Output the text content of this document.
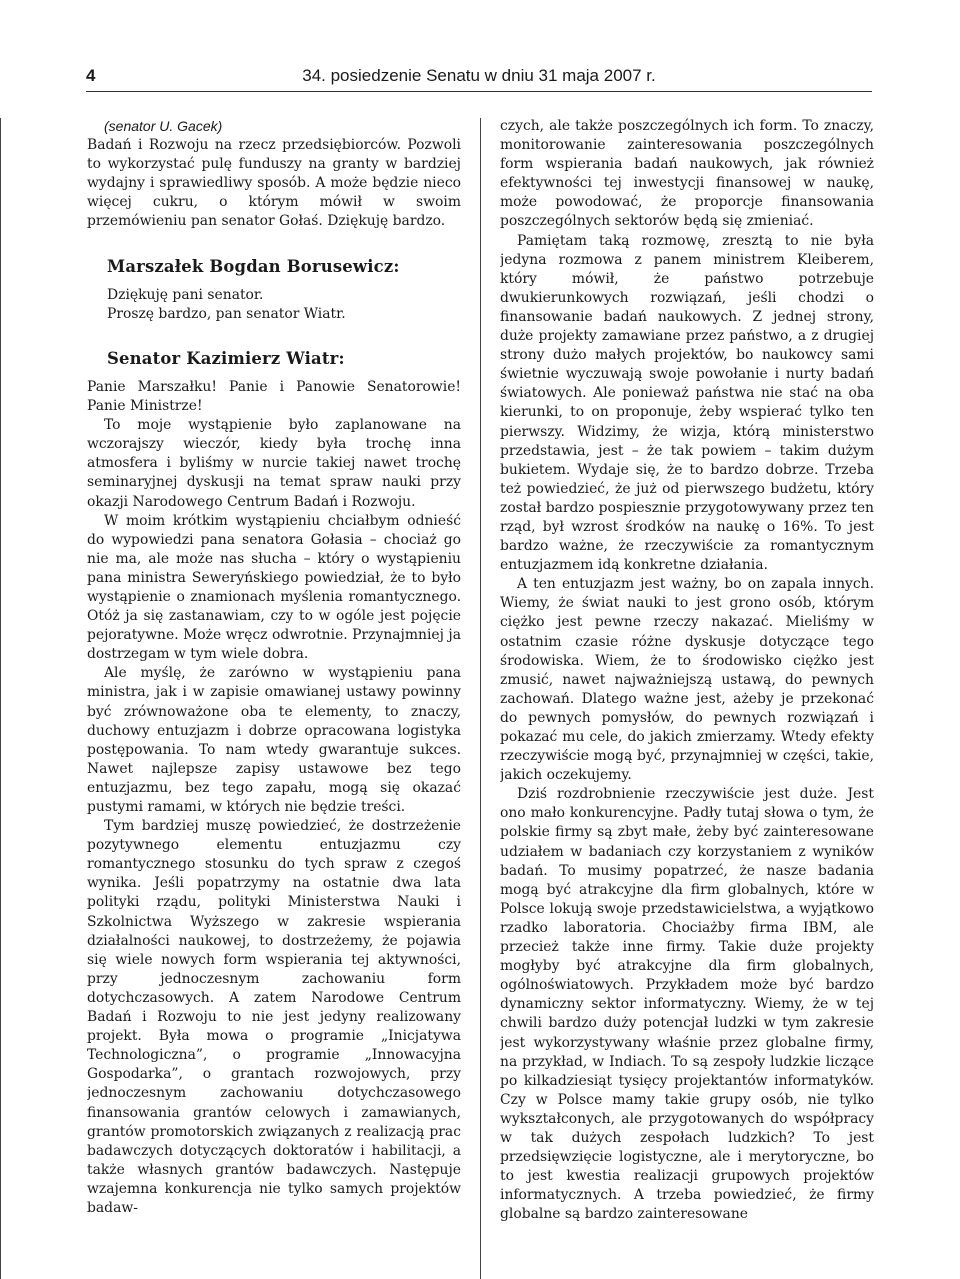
4	34. posiedzenie Senatu w dniu 31 maja 2007 r.

(senator U. Gacek)

Badań i Rozwoju na rzecz przedsiębiorców. Pozwoli to wykorzystać pulę funduszy na granty w bardziej wydajny i sprawiedliwy sposób. A może będzie nieco więcej cukru, o którym mówił w swoim przemówieniu pan senator Gołaś. Dziękuję bardzo.

Marszałek Bogdan Borusewicz:

Dziękuję pani senator.

Proszę bardzo, pan senator Wiatr.

Senator Kazimierz Wiatr:

Panie Marszałku! Panie i Panowie Senatorowie! Panie Ministrze!

To moje wystąpienie było zaplanowane na wczorajszy wieczór, kiedy była trochę inna atmosfera i byliśmy w nurcie takiej nawet trochę seminaryjnej dyskusji na temat spraw nauki przy okazji Narodowego Centrum Badań i Rozwoju.

W moim krótkim wystąpieniu chciałbym odnieść do wypowiedzi pana senatora Gołasia – chociaż go nie ma, ale może nas słucha – który o wystąpieniu pana ministra Seweryńskiego powiedział, że to było wystąpienie o znamionach myślenia romantycznego. Otóż ja się zastanawiam, czy to w ogóle jest pojęcie pejoratywne. Może wręcz odwrotnie. Przynajmniej ja dostrzegam w tym wiele dobra.

Ale myślę, że zarówno w wystąpieniu pana ministra, jak i w zapisie omawianej ustawy powinny być zrównoważone oba te elementy, to znaczy, duchowy entuzjazm i dobrze opracowana logistyka postępowania. To nam wtedy gwarantuje sukces. Nawet najlepsze zapisy ustawowe bez tego entuzjazmu, bez tego zapału, mogą się okazać pustymi ramami, w których nie będzie treści.

Tym bardziej muszę powiedzieć, że dostrzeżenie pozytywnego elementu entuzjazmu czy romantycznego stosunku do tych spraw z czegoś wynika. Jeśli popatrzymy na ostatnie dwa lata polityki rządu, polityki Ministerstwa Nauki i Szkolnictwa Wyższego w zakresie wspierania działalności naukowej, to dostrzeżemy, że pojawia się wiele nowych form wspierania tej aktywności, przy jednoczesnym zachowaniu form dotychczasowych. A zatem Narodowe Centrum Badań i Rozwoju to nie jest jedyny realizowany projekt. Była mowa o programie „Inicjatywa Technologiczna”, o programie „Innowacyjna Gospodarka”, o grantach rozwojowych, przy jednoczesnym zachowaniu dotychczasowego finansowania grantów celowych i zamawianych, grantów promotorskich związanych z realizacją prac badawczych dotyczących doktoratów i habilitacji, a także własnych grantów badawczych. Następuje wzajemna konkurencja nie tylko samych projektów badaw-

czych, ale także poszczególnych ich form. To znaczy, monitorowanie zainteresowania poszczególnych form wspierania badań naukowych, jak również efektywności tej inwestycji finansowej w naukę, może powodować, że proporcje finansowania poszczególnych sektorów będą się zmieniać.

Pamiętam taką rozmowę, zresztą to nie była jedyna rozmowa z panem ministrem Kleiberem, który mówił, że państwo potrzebuje dwukierunkowych rozwiązań, jeśli chodzi o finansowanie badań naukowych. Z jednej strony, duże projekty zamawiane przez państwo, a z drugiej strony dużo małych projektów, bo naukowcy sami świetnie wyczuwają swoje powołanie i nurty badań światowych. Ale ponieważ państwa nie stać na oba kierunki, to on proponuje, żeby wspierać tylko ten pierwszy. Widzimy, że wizja, którą ministerstwo przedstawia, jest – że tak powiem – takim dużym bukietem. Wydaje się, że to bardzo dobrze. Trzeba też powiedzieć, że już od pierwszego budżetu, który został bardzo pospiesznie przygotowywany przez ten rząd, był wzrost środków na naukę o 16%. To jest bardzo ważne, że rzeczywiście za romantycznym entuzjazmem idą konkretne działania.

A ten entuzjazm jest ważny, bo on zapala innych. Wiemy, że świat nauki to jest grono osób, którym ciężko jest pewne rzeczy nakazać. Mieliśmy w ostatnim czasie różne dyskusje dotyczące tego środowiska. Wiem, że to środowisko ciężko jest zmusić, nawet najważniejszą ustawą, do pewnych zachowań. Dlatego ważne jest, ażeby je przekonać do pewnych pomysłów, do pewnych rozwiązań i pokazać mu cele, do jakich zmierzamy. Wtedy efekty rzeczywiście mogą być, przynajmniej w części, takie, jakich oczekujemy.

Dziś rozdrobnienie rzeczywiście jest duże. Jest ono mało konkurencyjne. Padły tutaj słowa o tym, że polskie firmy są zbyt małe, żeby być zainteresowane udziałem w badaniach czy korzystaniem z wyników badań. To musimy popatrzeć, że nasze badania mogą być atrakcyjne dla firm globalnych, które w Polsce lokują swoje przedstawicielstwa, a wyjątkowo rzadko laboratoria. Chociażby firma IBM, ale przecież także inne firmy. Takie duże projekty mogłyby być atrakcyjne dla firm globalnych, ogólnoświatowych. Przykładem może być bardzo dynamiczny sektor informatyczny. Wiemy, że w tej chwili bardzo duży potencjał ludzki w tym zakresie jest wykorzystywany właśnie przez globalne firmy, na przykład, w Indiach. To są zespoły ludzkie liczące po kilkadziesiąt tysięcy projektantów informatyków. Czy w Polsce mamy takie grupy osób, nie tylko wykształconych, ale przygotowanych do współpracy w tak dużych zespołach ludzkich? To jest przedsięwzięcie logistyczne, ale i merytoryczne, bo to jest kwestia realizacji grupowych projektów informatycznych. A trzeba powiedzieć, że firmy globalne są bardzo zainteresowane
